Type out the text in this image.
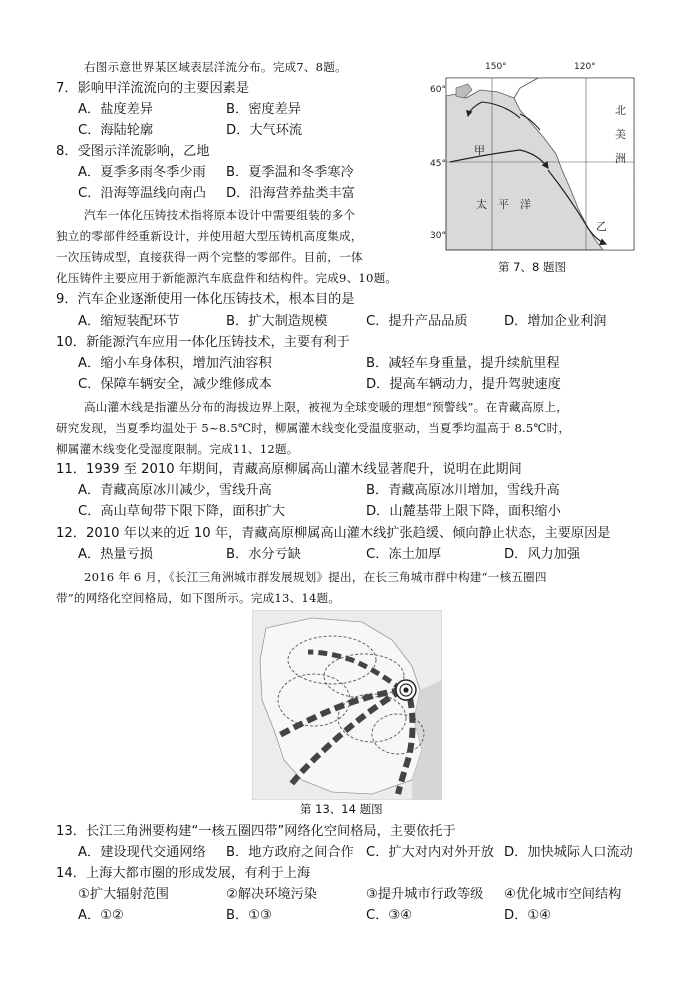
右图示意世界某区域表层洋流分布。完成7、8题。
7．影响甲洋流流向的主要因素是
A．盐度差异	B．密度差异
C．海陆轮廓	D．大气环流
8．受图示洋流影响，乙地
A．夏季多雨冬季少雨 B．夏季温和冬季寒冷
C．沿海等温线向南凸 D．沿海营养盐类丰富
150°	120°
60°
45°
30°
北
美
洲
甲
太　平　洋
乙
第 7、8 题图
汽车一体化压铸技术指将原本设计中需要组装的多个
独立的零部件经重新设计，并使用超大型压铸机高度集成，
一次压铸成型，直接获得一两个完整的零部件。目前，一体
化压铸件主要应用于新能源汽车底盘件和结构件。完成9、10题。
9．汽车企业逐渐使用一体化压铸技术，根本目的是
A．缩短装配环节	B．扩大制造规模	C．提升产品品质	D．增加企业利润
10．新能源汽车应用一体化压铸技术，主要有利于
A．缩小车身体积，增加汽油容积	B．减轻车身重量，提升续航里程
C．保障车辆安全，减少维修成本	D．提高车辆动力，提升驾驶速度
高山灌木线是指灌丛分布的海拔边界上限，被视为全球变暖的理想“预警线”。在青藏高原上，
研究发现，当夏季均温处于 5~8.5℃时，柳属灌木线变化受温度驱动，当夏季均温高于 8.5℃时，
柳属灌木线变化受湿度限制。完成11、12题。
11．1939 至 2010 年期间，青藏高原柳属高山灌木线显著爬升，说明在此期间
A．青藏高原冰川减少，雪线升高	B．青藏高原冰川增加，雪线升高
C．高山草甸带下限下降，面积扩大	D．山麓基带上限下降，面积缩小
12．2010 年以来的近 10 年，青藏高原柳属高山灌木线扩张趋缓、倾向静止状态，主要原因是
A．热量亏损	B．水分亏缺	C．冻土加厚	D．风力加强
2016 年 6 月，《长江三角洲城市群发展规划》提出，在长三角城市群中构建“一核五圈四
带”的网络化空间格局，如下图所示。完成13、14题。
第 13、14 题图
13．长江三角洲要构建“一核五圈四带”网络化空间格局，主要依托于
A．建设现代交通网络 B．地方政府之间合作 C．扩大对内对外开放 D．加快城际人口流动
14．上海大都市圈的形成发展，有利于上海
①扩大辐射范围	②解决环境污染	③提升城市行政等级 ④优化城市空间结构
A．①②	B．①③	C．③④	D．①④
